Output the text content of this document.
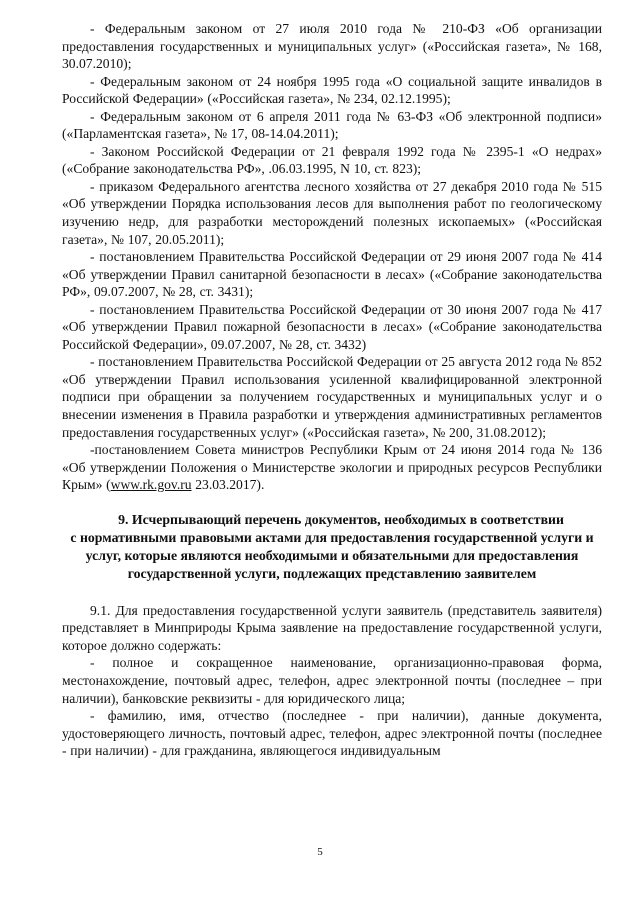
- Федеральным законом от 27 июля 2010 года № 210-ФЗ «Об организации предоставления государственных и муниципальных услуг» («Российская газета», № 168, 30.07.2010);

- Федеральным законом от 24 ноября 1995 года «О социальной защите инвалидов в Российской Федерации» («Российская газета», № 234, 02.12.1995);

- Федеральным законом от 6 апреля 2011 года № 63-ФЗ «Об электронной подписи» («Парламентская газета», № 17, 08-14.04.2011);

- Законом Российской Федерации от 21 февраля 1992 года № 2395-1 «О недрах» («Собрание законодательства РФ», .06.03.1995, N 10, ст. 823);

- приказом Федерального агентства лесного хозяйства от 27 декабря 2010 года № 515 «Об утверждении Порядка использования лесов для выполнения работ по геологическому изучению недр, для разработки месторождений полезных ископаемых» («Российская газета», № 107, 20.05.2011);

- постановлением Правительства Российской Федерации от 29 июня 2007 года № 414 «Об утверждении Правил санитарной безопасности в лесах» («Собрание законодательства РФ», 09.07.2007, № 28, ст. 3431);

- постановлением Правительства Российской Федерации от 30 июня 2007 года № 417 «Об утверждении Правил пожарной безопасности в лесах» («Собрание законодательства Российской Федерации», 09.07.2007, № 28, ст. 3432)

- постановлением Правительства Российской Федерации от 25 августа 2012 года № 852 «Об утверждении Правил использования усиленной квалифицированной электронной подписи при обращении за получением государственных и муниципальных услуг и о внесении изменения в Правила разработки и утверждения административных регламентов предоставления государственных услуг» («Российская газета», № 200, 31.08.2012);

-постановлением Совета министров Республики Крым от 24 июня 2014 года № 136 «Об утверждении Положения о Министерстве экологии и природных ресурсов Республики Крым» (www.rk.gov.ru 23.03.2017).

9. Исчерпывающий перечень документов, необходимых в соответствии
с нормативными правовыми актами для предоставления государственной услуги и услуг, которые являются необходимыми и обязательными для предоставления государственной услуги, подлежащих представлению заявителем

9.1. Для предоставления государственной услуги заявитель (представитель заявителя) представляет в Минприроды Крыма заявление на предоставление государственной услуги, которое должно содержать:

- полное и сокращенное наименование, организационно-правовая форма, местонахождение, почтовый адрес, телефон, адрес электронной почты (последнее – при наличии), банковские реквизиты - для юридического лица;

- фамилию, имя, отчество (последнее - при наличии), данные документа, удостоверяющего личность, почтовый адрес, телефон, адрес электронной почты (последнее - при наличии) - для гражданина, являющегося индивидуальным

5
